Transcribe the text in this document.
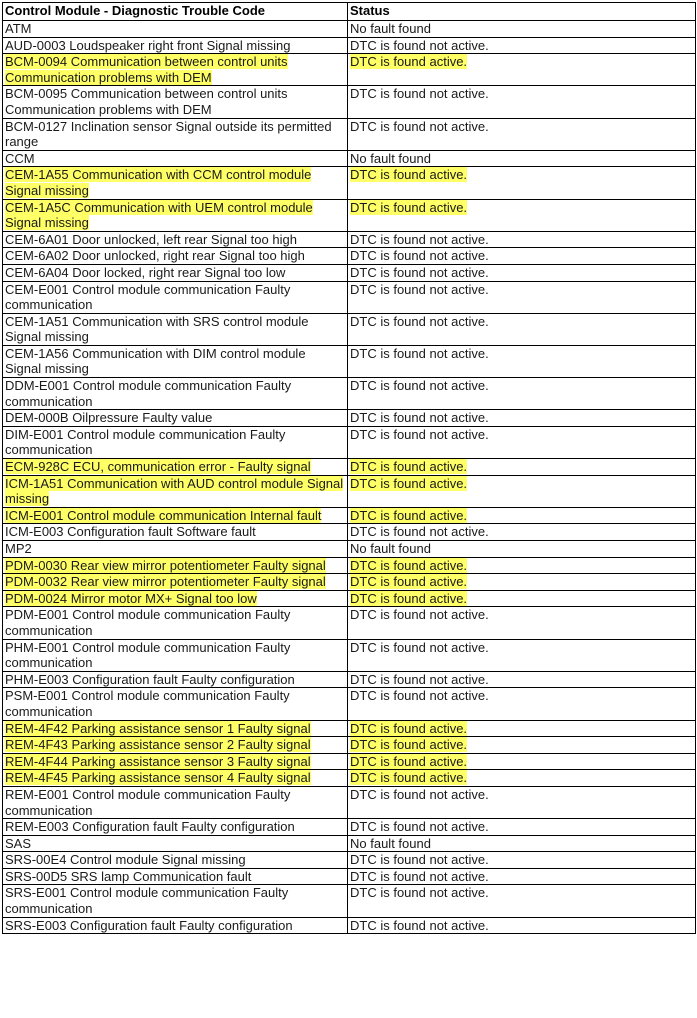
Control Module - Diagnostic Trouble Code	Status
ATM	No fault found
AUD-0003 Loudspeaker right front Signal missing	DTC is found not active.
BCM-0094 Communication between control units Communication problems with DEM	DTC is found active.
BCM-0095 Communication between control units Communication problems with DEM	DTC is found not active.
BCM-0127 Inclination sensor Signal outside its permitted range	DTC is found not active.
CCM	No fault found
CEM-1A55 Communication with CCM control module Signal missing	DTC is found active.
CEM-1A5C Communication with UEM control module Signal missing	DTC is found active.
CEM-6A01 Door unlocked, left rear Signal too high	DTC is found not active.
CEM-6A02 Door unlocked, right rear Signal too high	DTC is found not active.
CEM-6A04 Door locked, right rear Signal too low	DTC is found not active.
CEM-E001 Control module communication Faulty communication	DTC is found not active.
CEM-1A51 Communication with SRS control module Signal missing	DTC is found not active.
CEM-1A56 Communication with DIM control module Signal missing	DTC is found not active.
DDM-E001 Control module communication Faulty communication	DTC is found not active.
DEM-000B Oilpressure Faulty value	DTC is found not active.
DIM-E001 Control module communication Faulty communication	DTC is found not active.
ECM-928C ECU, communication error - Faulty signal	DTC is found active.
ICM-1A51 Communication with AUD control module Signal missing	DTC is found active.
ICM-E001 Control module communication Internal fault	DTC is found active.
ICM-E003 Configuration fault Software fault	DTC is found not active.
MP2	No fault found
PDM-0030 Rear view mirror potentiometer Faulty signal	DTC is found active.
PDM-0032 Rear view mirror potentiometer Faulty signal	DTC is found active.
PDM-0024 Mirror motor MX+ Signal too low	DTC is found active.
PDM-E001 Control module communication Faulty communication	DTC is found not active.
PHM-E001 Control module communication Faulty communication	DTC is found not active.
PHM-E003 Configuration fault Faulty configuration	DTC is found not active.
PSM-E001 Control module communication Faulty communication	DTC is found not active.
REM-4F42 Parking assistance sensor 1 Faulty signal	DTC is found active.
REM-4F43 Parking assistance sensor 2 Faulty signal	DTC is found active.
REM-4F44 Parking assistance sensor 3 Faulty signal	DTC is found active.
REM-4F45 Parking assistance sensor 4 Faulty signal	DTC is found active.
REM-E001 Control module communication Faulty communication	DTC is found not active.
REM-E003 Configuration fault Faulty configuration	DTC is found not active.
SAS	No fault found
SRS-00E4 Control module Signal missing	DTC is found not active.
SRS-00D5 SRS lamp Communication fault	DTC is found not active.
SRS-E001 Control module communication Faulty communication	DTC is found not active.
SRS-E003 Configuration fault Faulty configuration	DTC is found not active.
